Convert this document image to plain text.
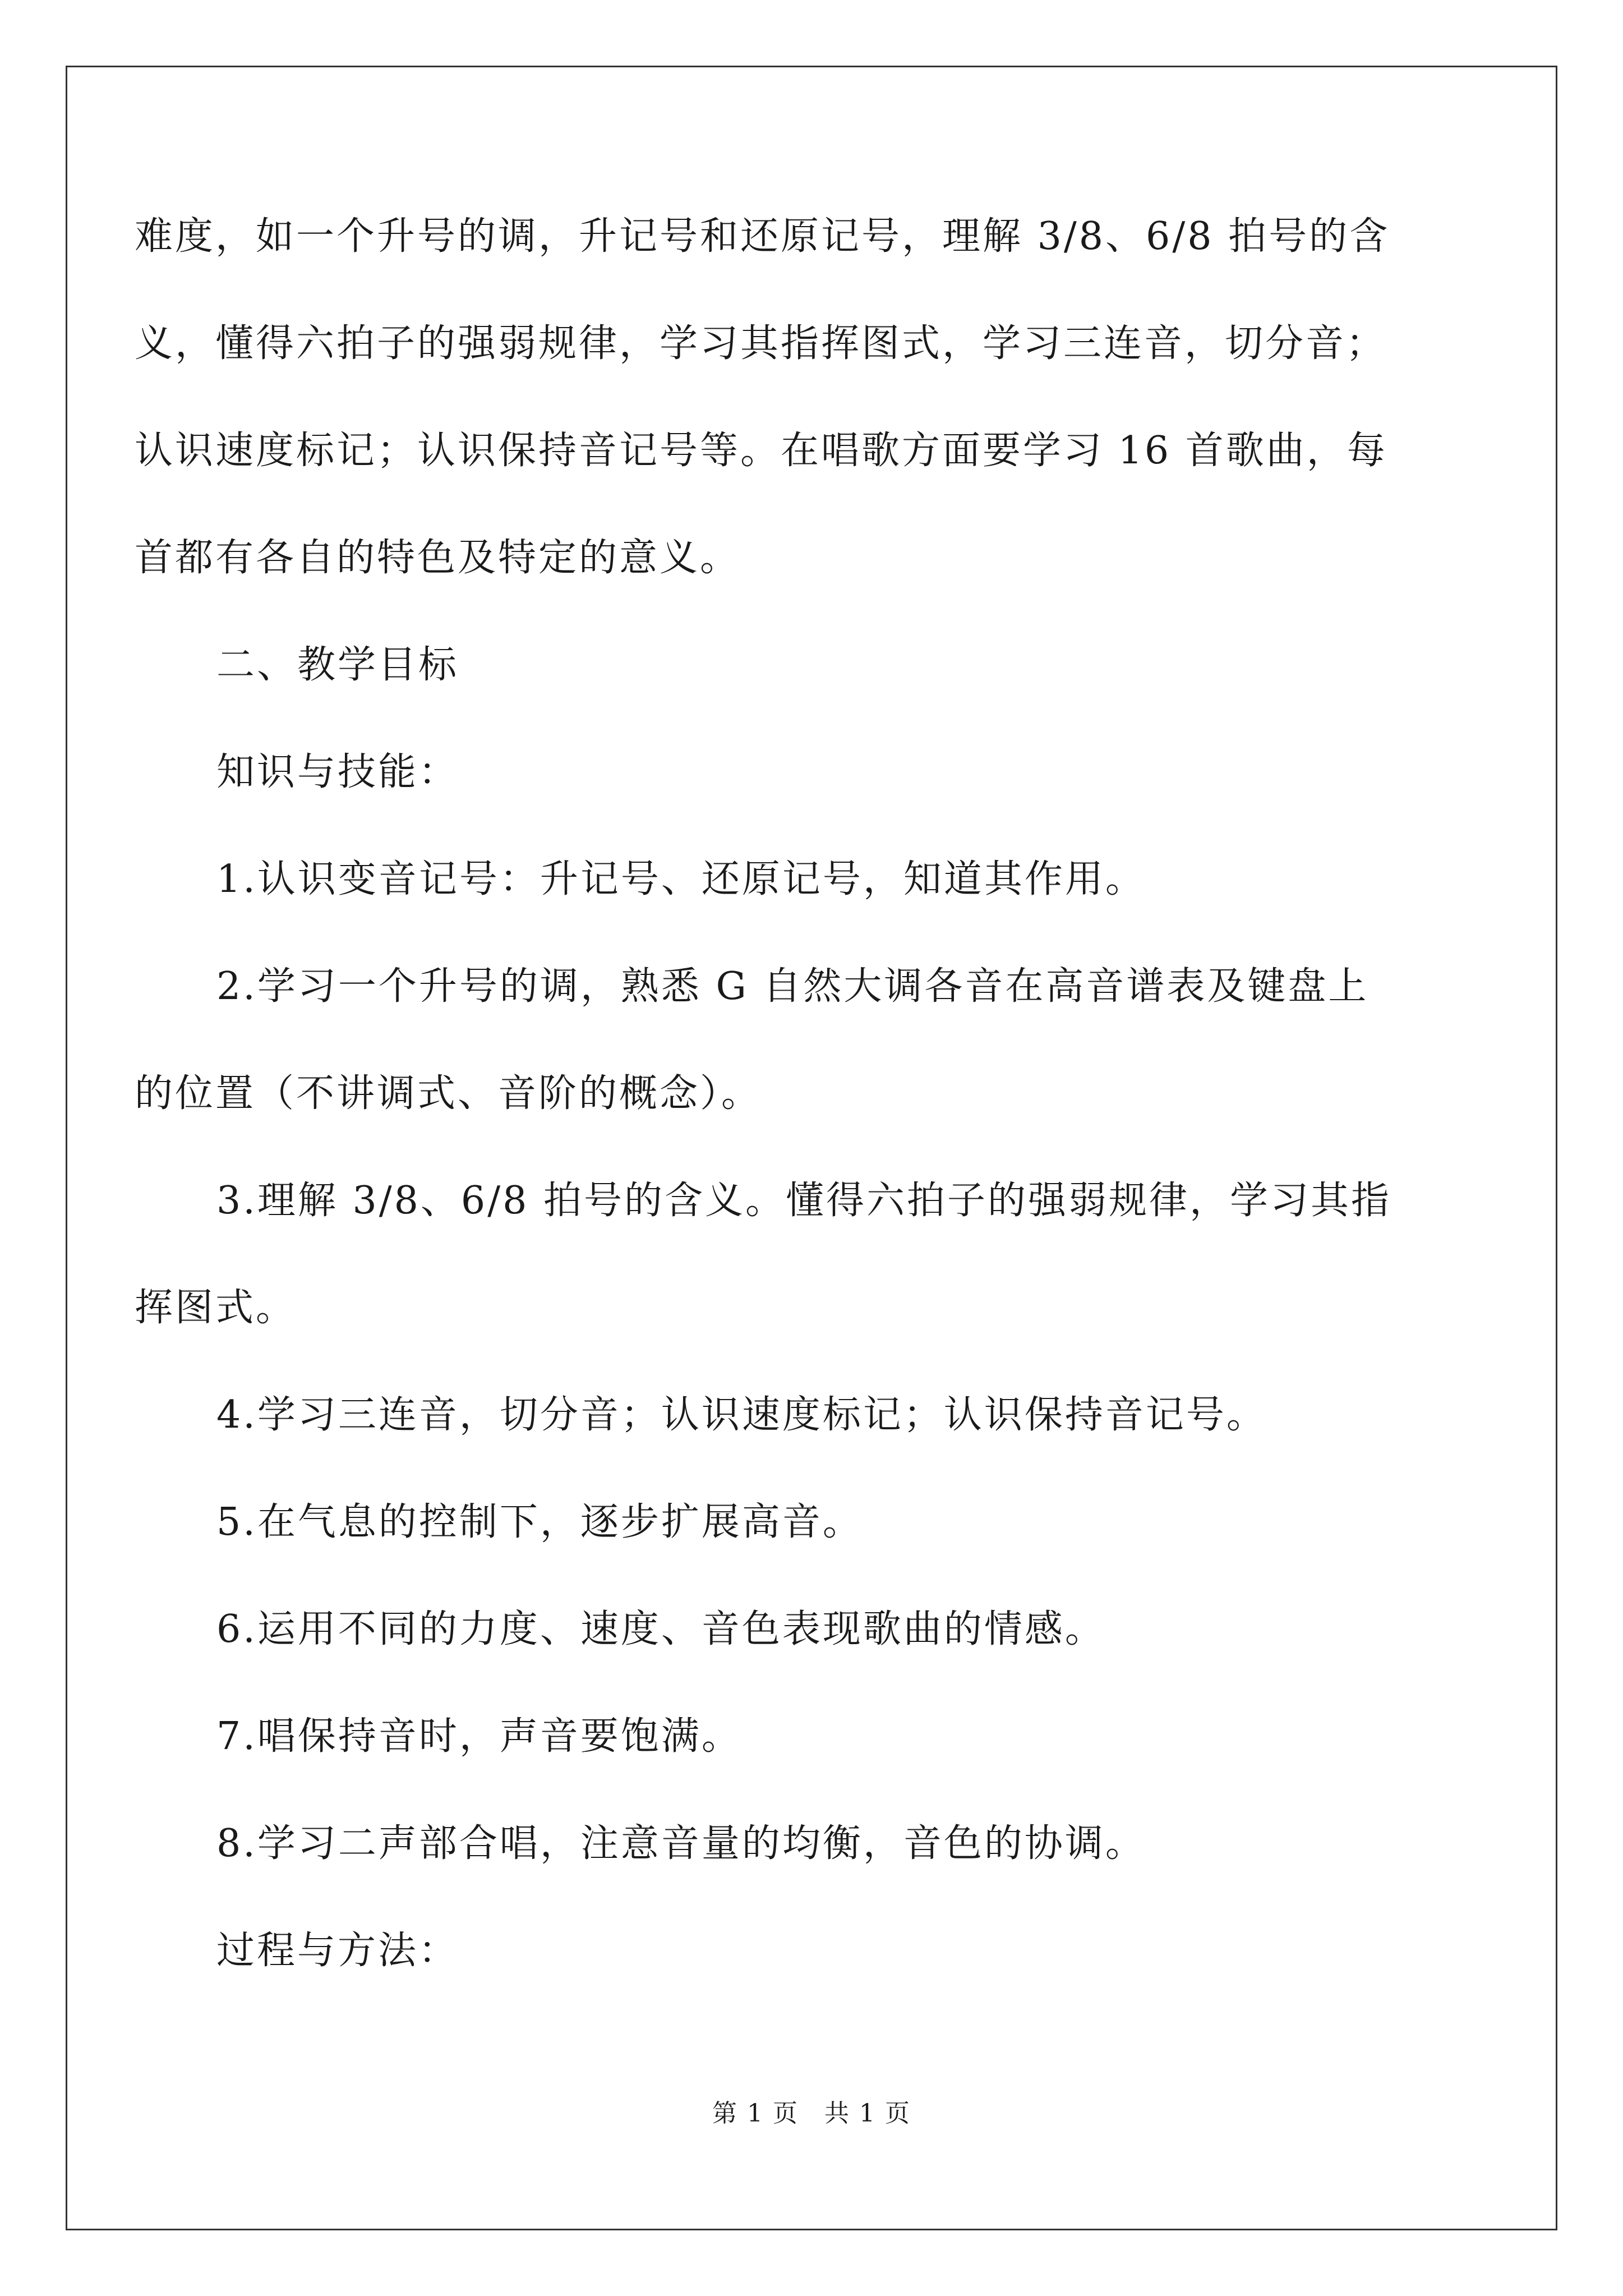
难度，如一个升号的调，升记号和还原记号，理解 3/8、6/8 拍号的含
义，懂得六拍子的强弱规律，学习其指挥图式，学习三连音，切分音；
认识速度标记；认识保持音记号等。在唱歌方面要学习 16 首歌曲，每
首都有各自的特色及特定的意义。
二、教学目标
知识与技能：
1.认识变音记号：升记号、还原记号，知道其作用。
2.学习一个升号的调，熟悉 G 自然大调各音在高音谱表及键盘上
的位置（不讲调式、音阶的概念）。
3.理解 3/8、6/8 拍号的含义。懂得六拍子的强弱规律，学习其指
挥图式。
4.学习三连音，切分音；认识速度标记；认识保持音记号。
5.在气息的控制下，逐步扩展高音。
6.运用不同的力度、速度、音色表现歌曲的情感。
7.唱保持音时，声音要饱满。
8.学习二声部合唱，注意音量的均衡，音色的协调。
过程与方法：
第 1 页　共 1 页
